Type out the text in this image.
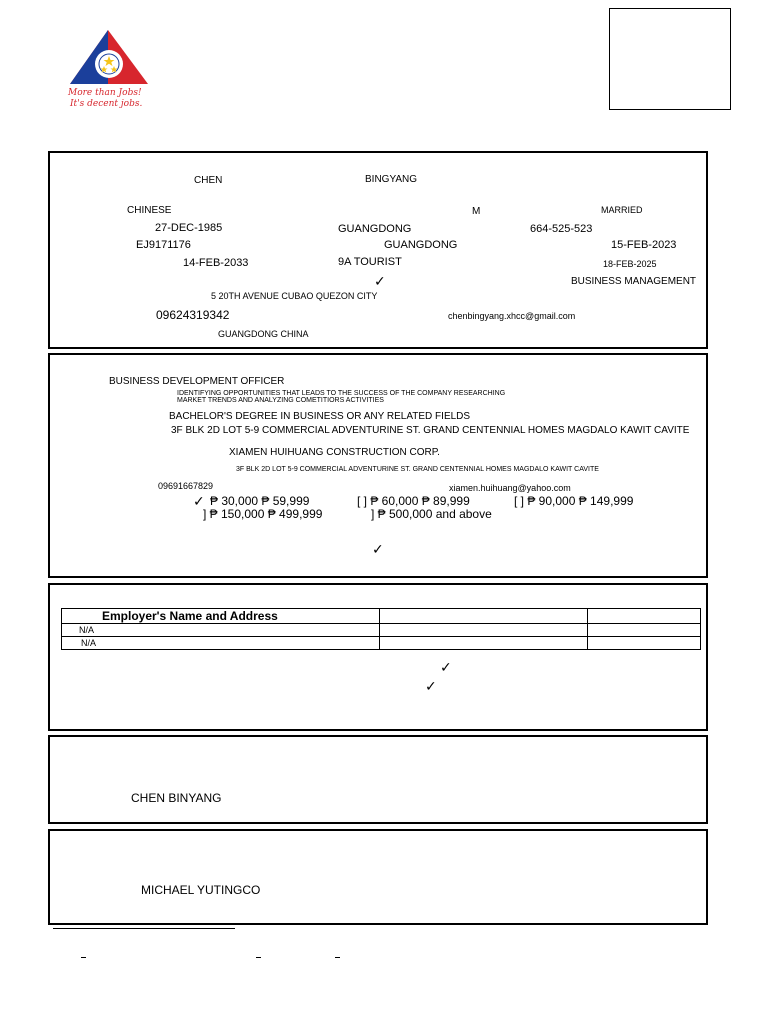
More than Jobs!
It's decent jobs.
CHEN	BINGYANG
CHINESE	M	MARRIED
27-DEC-1985	GUANGDONG	664-525-523
EJ9171176	GUANGDONG	15-FEB-2023
14-FEB-2033	9A TOURIST	18-FEB-2025
✓	BUSINESS MANAGEMENT
5 20TH AVENUE CUBAO QUEZON CITY
09624319342	chenbingyang.xhcc@gmail.com
GUANGDONG CHINA
BUSINESS DEVELOPMENT OFFICER
IDENTIFYING OPPORTUNITIES THAT LEADS TO THE SUCCESS OF THE COMPANY RESEARCHING
MARKET TRENDS AND ANALYZING COMETITIORS ACTIVITIES
BACHELOR'S DEGREE IN BUSINESS OR ANY RELATED FIELDS
3F BLK 2D LOT 5-9 COMMERCIAL ADVENTURINE ST. GRAND CENTENNIAL HOMES MAGDALO KAWIT CAVITE
XIAMEN HUIHUANG CONSTRUCTION CORP.
3F BLK 2D LOT 5-9 COMMERCIAL ADVENTURINE ST. GRAND CENTENNIAL HOMES MAGDALO KAWIT CAVITE
09691667829	xiamen.huihuang@yahoo.com
✓ ₱ 30,000 ₱ 59,999	[ ] ₱ 60,000 ₱ 89,999	[ ] ₱ 90,000 ₱ 149,999
] ₱ 150,000 ₱ 499,999	] ₱ 500,000 and above
✓
Employer's Name and Address		
N/A		
N/A		
✓
✓
CHEN BINYANG
MICHAEL YUTINGCO
